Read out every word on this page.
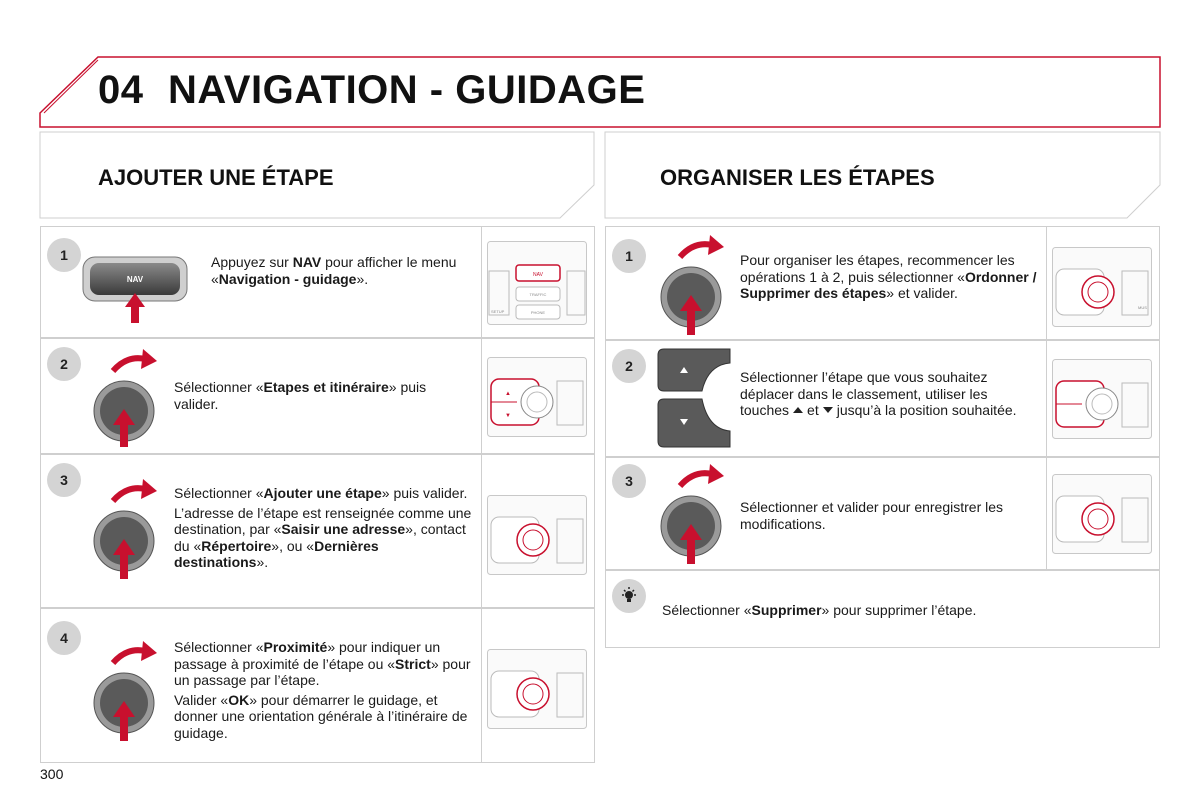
04 NAVIGATION - GUIDAGE
AJOUTER UNE ÉTAPE	ORGANISER LES ÉTAPES
1
NAV
Appuyez sur NAV pour afficher le menu «Navigation - guidage».	NAV
TRAFFIC
PHONE
SETUP
2
Sélectionner «Etapes et itinéraire» puis valider.
▲
▼
3
Sélectionner «Ajouter une étape» puis valider.
L’adresse de l’étape est renseignée comme une destination, par «Saisir une adresse», contact du «Répertoire», ou «Dernières destinations».
4
Sélectionner «Proximité» pour indiquer un passage à proximité de l’étape ou «Strict» pour un passage par l’étape.
Valider «OK» pour démarrer le guidage, et donner une orientation générale à l’itinéraire de guidage.
1	Pour organiser les étapes, recommencer les opérations 1 à 2, puis sélectionner «Ordonner / Supprimer des étapes» et valider.
MUS
2
Sélectionner l’étape que vous souhaitez déplacer dans le classement, utiliser les touches et jusqu’à la position souhaitée.
3
Sélectionner et valider pour enregistrer les modifications.
Sélectionner «Supprimer» pour supprimer l’étape.
300
